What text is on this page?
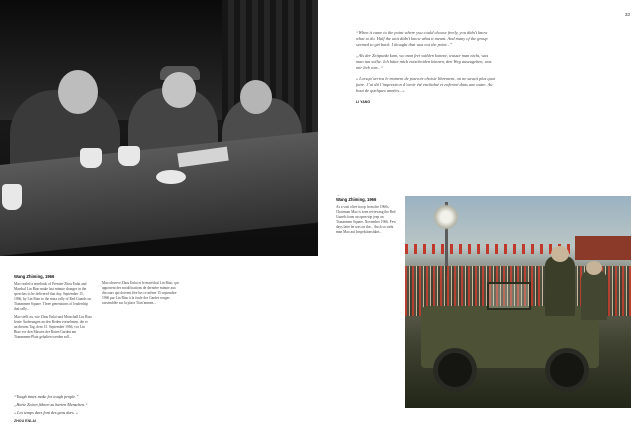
Wang Zhiming, 1966

Mao sealed a notebook of Premier Zhou Enlai and Marshal Lin Biao make last minute changes in the speeches to be delivered that day, September 15, 1966, by Lin Biao to the mass rally of Red Guards on Tiananmen Square. Three generations of leadership that rally...

Mao stellt zu, wie Zhou Enlai und Marschall Lin Biao letzte Änderungen an den Reden vornehmen, die er an diesem Tag, dem 15. September 1966, vor Lin Biao vor den Massen der Roten Garden am Tiananmen-Platz gehalten werden soll...

Mao observe Zhou Enlai et le maréchal Lin Biao, qui apportent des modifications de dernière minute aux discours qui doivent être lus ce même 15 septembre 1966 par Lin Biao à la foule des Gardes rouges rassemblée sur la place Tian’anmen...

“Tough times make for tough people.”

„Harte Zeiten führen zu harten Menschen.“

« Les temps durs font des gens durs. »

ZHOU ENLAI
33

“When it came to the point where you could choose freely, you didn’t know what to do. Half the unit didn’t know what it meant. And many of the group seemed to get back. I thought that was not the point...”

„Als der Zeitpunkt kam, wo man frei wählen konnte, wusste man nicht, was man tun sollte. Ich hätte mich entscheiden können, den Weg auszugehen, was mir lieb war...“

« Lorsqu’arriva le moment de pouvoir choisir librement, on ne savait plus quoi faire. J’ai dit l’impression d’avoir été enchaîné et enfermé dans une autre. Au bout de quelques années...»

LI YANG
→
Wang Zhiming, 1966
As a vast olive troop from the 1960s, Chairman Mao is seen reviewing the Red Guards from an open-top jeep on Tiananmen Square, November 1966. Few days later he was on the... Auch so sieht man Mao auf Inspektionsfahrt...
